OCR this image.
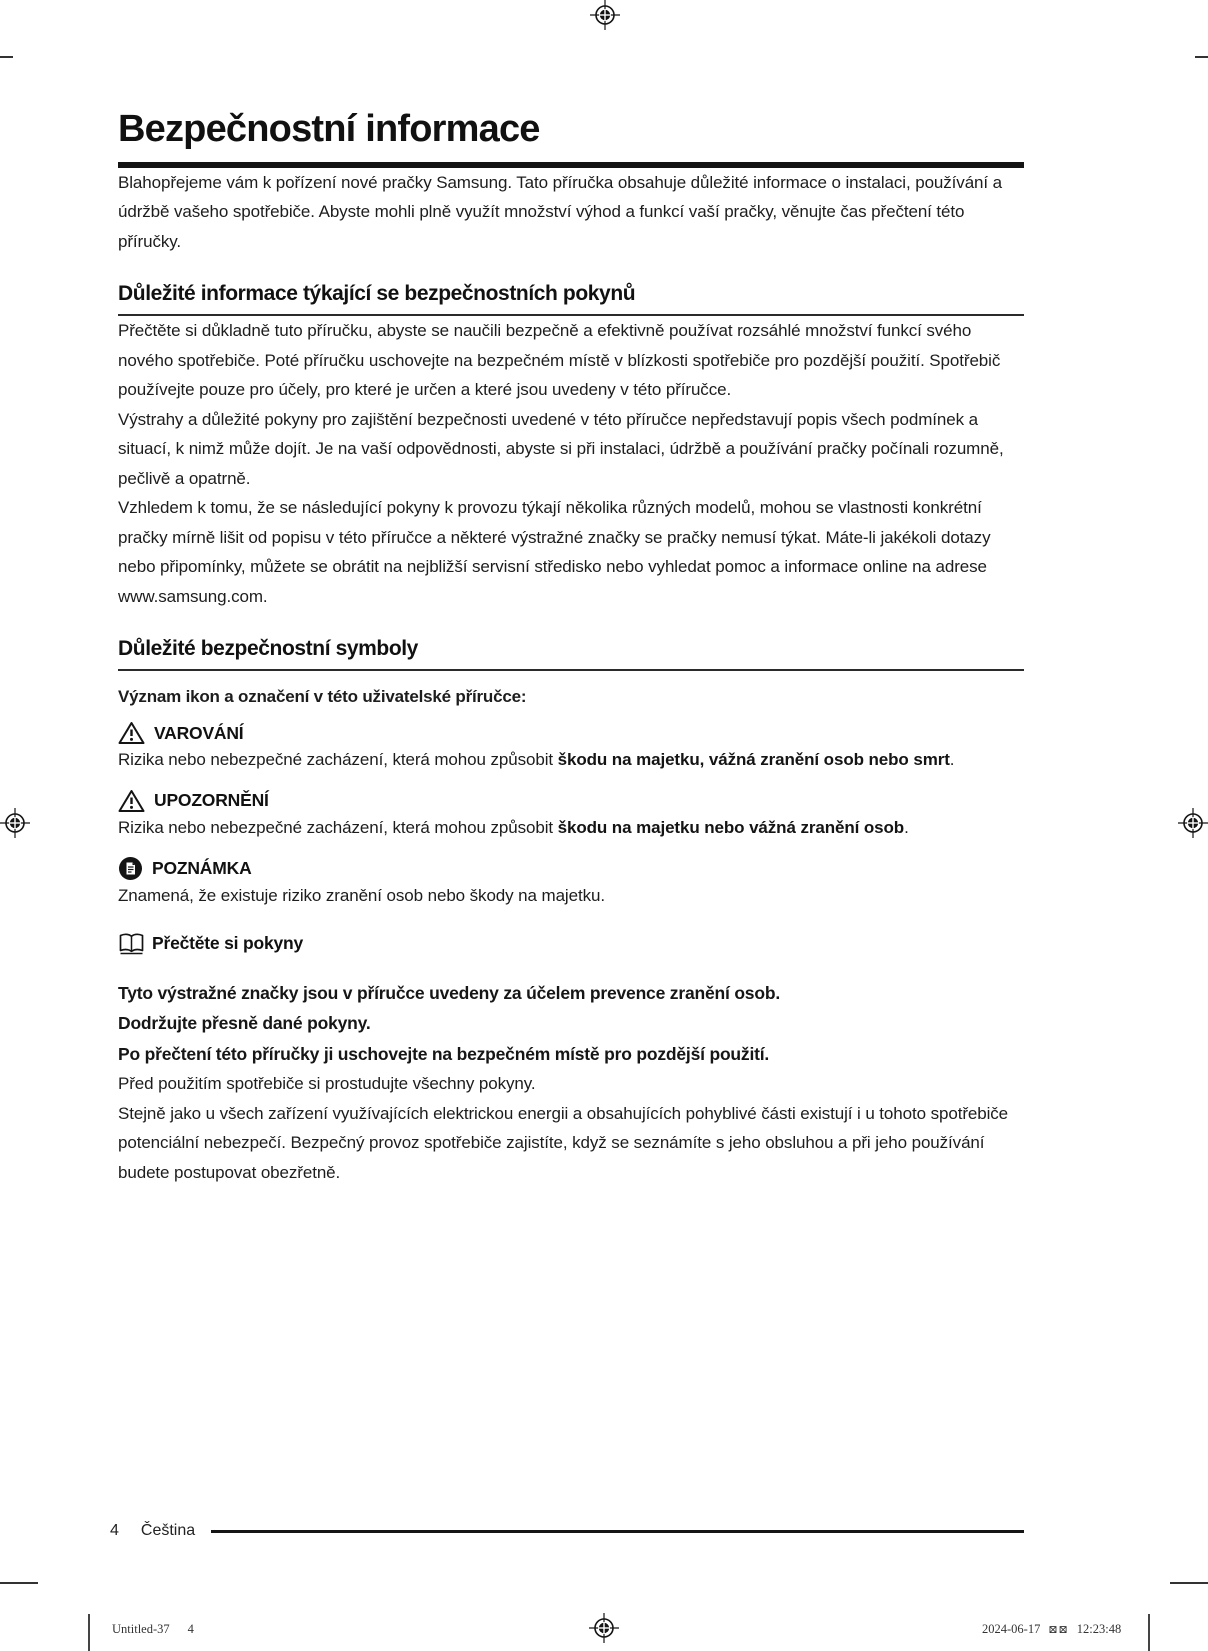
Bezpečnostní informace

Blahopřejeme vám k pořízení nové pračky Samsung. Tato příručka obsahuje důležité informace o instalaci, používání a údržbě vašeho spotřebiče. Abyste mohli plně využít množství výhod a funkcí vaší pračky, věnujte čas přečtení této příručky.

Důležité informace týkající se bezpečnostních pokynů

Přečtěte si důkladně tuto příručku, abyste se naučili bezpečně a efektivně používat rozsáhlé množství funkcí svého nového spotřebiče. Poté příručku uschovejte na bezpečném místě v blízkosti spotřebiče pro pozdější použití. Spotřebič používejte pouze pro účely, pro které je určen a které jsou uvedeny v této příručce.

Výstrahy a důležité pokyny pro zajištění bezpečnosti uvedené v této příručce nepředstavují popis všech podmínek a situací, k nimž může dojít. Je na vaší odpovědnosti, abyste si při instalaci, údržbě a používání pračky počínali rozumně, pečlivě a opatrně.

Vzhledem k tomu, že se následující pokyny k provozu týkají několika různých modelů, mohou se vlastnosti konkrétní pračky mírně lišit od popisu v této příručce a některé výstražné značky se pračky nemusí týkat. Máte-li jakékoli dotazy nebo připomínky, můžete se obrátit na nejbližší servisní středisko nebo vyhledat pomoc a informace online na adrese www.samsung.com.

Důležité bezpečnostní symboly

Význam ikon a označení v této uživatelské příručce:

VAROVÁNÍ

Rizika nebo nebezpečné zacházení, která mohou způsobit škodu na majetku, vážná zranění osob nebo smrt.

UPOZORNĚNÍ

Rizika nebo nebezpečné zacházení, která mohou způsobit škodu na majetku nebo vážná zranění osob.

POZNÁMKA

Znamená, že existuje riziko zranění osob nebo škody na majetku.

Přečtěte si pokyny
Tyto výstražné značky jsou v příručce uvedeny za účelem prevence zranění osob.
Dodržujte přesně dané pokyny.
Po přečtení této příručky ji uschovejte na bezpečném místě pro pozdější použití.

Před použitím spotřebiče si prostudujte všechny pokyny.

Stejně jako u všech zařízení využívajících elektrickou energii a obsahujících pohyblivé části existují i u tohoto spotřebiče potenciální nebezpečí. Bezpečný provoz spotřebiče zajistíte, když se seznámíte s jeho obsluhou a při jeho používání budete postupovat obezřetně.

4 Čeština
Untitled-37 4	2024-06-17 ⊠⊠ 12:23:48
